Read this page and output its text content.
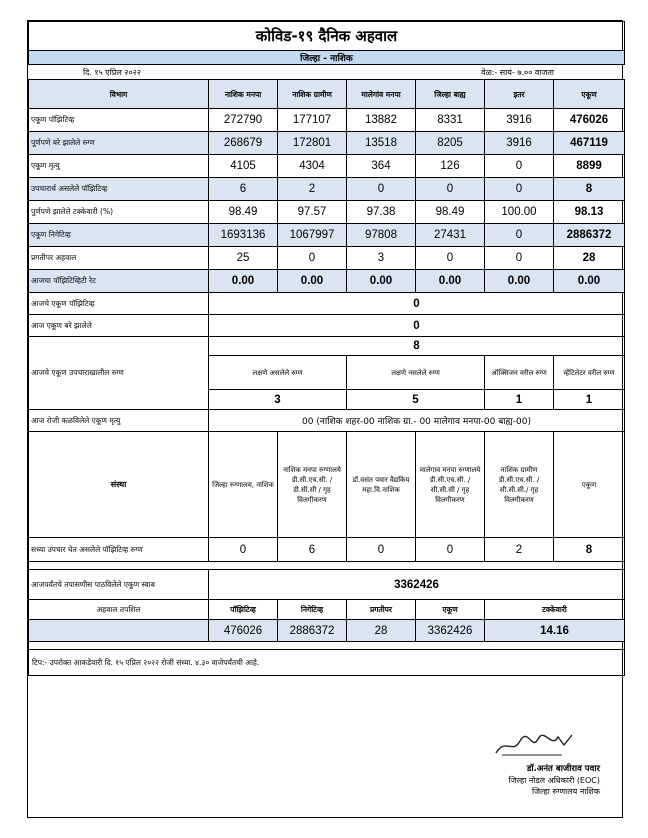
कोविड-१९ दैनिक अहवाल
जिल्हा - नाशिक
दि. १५ एप्रिल २०२२	वेळ:- सायं- ७.०० वाजता
विभाग	नाशिक मनपा	नाशिक ग्रामीण	मालेगांव मनपा	जिल्हा बाह्य	इतर	एकूण
एकूण पॉझिटिव्ह	272790	177107	13882	8331	3916	476026
पूर्णपणे बरे झालेले रुग्ण	268679	172801	13518	8205	3916	467119
एकूण मृत्यु	4105	4304	364	126	0	8899
उपचारार्थ असलेले पॉझिटिव्ह	6	2	0	0	0	8
पुर्णपणे झालेले टक्केवारी (%)	98.49	97.57	97.38	98.49	100.00	98.13
एकूण निगेटिव्ह	1693136	1067997	97808	27431	0	2886372
प्रगतीपर अहवाल	25	0	3	0	0	28
आजचा पॉझिटिव्हिटी रेट	0.00	0.00	0.00	0.00	0.00	0.00
आजचे एकूण पॉझिटिव्ह	0					
आज एकूण बरे झालेले	0					
आजचे एकूण उपचाराखालील रुग्ण	8					
	लक्षणे असलेले रुग्ण		लक्षणे नसलेले रुग्ण		ऑक्सिजन वरील रुग्ण	व्हेंटिलेटर वरील रुग्ण
	3		5		1	1
आज रोजी कळविलेले एकूण मृत्यु	00 (नाशिक शहर-00 नाशिक ग्रा.- 00 मालेगाव मनपा-00 बाह्य-00)					
संस्था	जिल्हा रुग्णालय, नाशिक	नाशिक मनपा रुग्णालये डी.सी.एच.सी. / डी.सी.सी / गृह विलगीकरण	डॉ.वसंत पवार वैद्यकिय महा.वि.नाशिक	मालेगाव मनपा रुग्णालये डी.सी.एच.सी. / सी.सी.सी / गृह विलगीकरण	नाशिक ग्रामीण डी.सी.एच.सी. /सी.सी.सी./ गृह विलगीकरण	एकूण
सध्या उपचार घेत असलेले पॉझिटिव्ह रुग्ण	0	6	0	0	2	8

आजपर्यंतचे तपासणीस पाठविलेले एकूण स्वाब	3362426					
अहवाल तपशिल	पॉझिटिव्ह	निगेटिव्ह	प्रगतीपर	एकूण	टक्केवारी	
	476026	2886372	28	3362426	14.16	

टिप:- उपरोक्त आकडेवारी दि. १५ एप्रिल २०२२ रोजी संध्या. ४.३० वाजेपर्यंतची आहे.						
डॉ.अनंत बाजीराव पवार
जिल्हा नोडल अधिकारी (EOC)
जिल्हा रुग्णालय नाशिक
